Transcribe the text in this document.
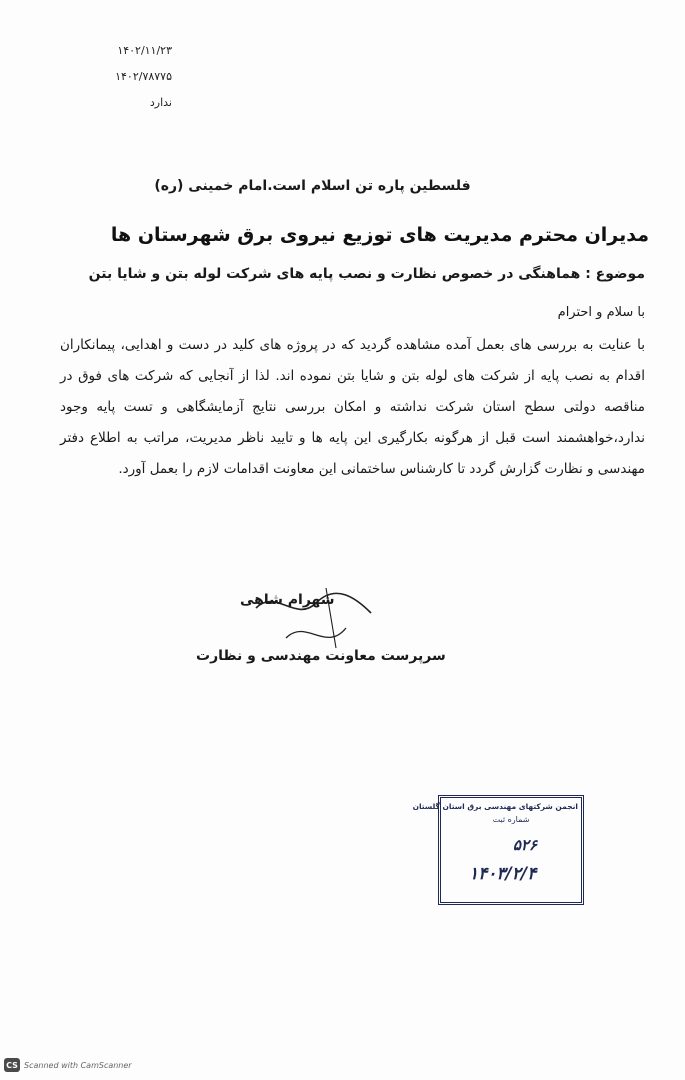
۱۴۰۲/۱۱/۲۳
۱۴۰۲/۷۸۷۷۵
ندارد
فلسطین پاره تن اسلام است.امام خمینی (ره)
مدیران محترم مدیریت های توزیع نیروی برق شهرستان ها
موضوع : هماهنگی در خصوص نظارت و نصب پایه های شرکت لوله بتن و شایا بتن
با سلام و احترام

با عنایت به بررسی های بعمل آمده مشاهده گردید که در پروژه های کلید در دست و اهدایی، پیمانکاران اقدام به نصب پایه از شرکت های لوله بتن و شایا بتن نموده اند. لذا از آنجایی که شرکت های فوق در مناقصه دولتی سطح استان شرکت نداشته و امکان بررسی نتایج آزمایشگاهی و تست پایه وجود ندارد،خواهشمند است قبل از هرگونه بکارگیری این پایه ها و تایید ناظر مدیریت، مراتب به اطلاع دفتر مهندسی و نظارت گزارش گردد تا کارشناس ساختمانی این معاونت اقدامات لازم را بعمل آورد.

شهرام شاهی
سرپرست معاونت مهندسی و نظارت
انجمن شرکتهای مهندسی برق استان گلستان
شماره ثبت
۵۲۶
۱۴۰۳/۲/۴
CS Scanned with CamScanner
